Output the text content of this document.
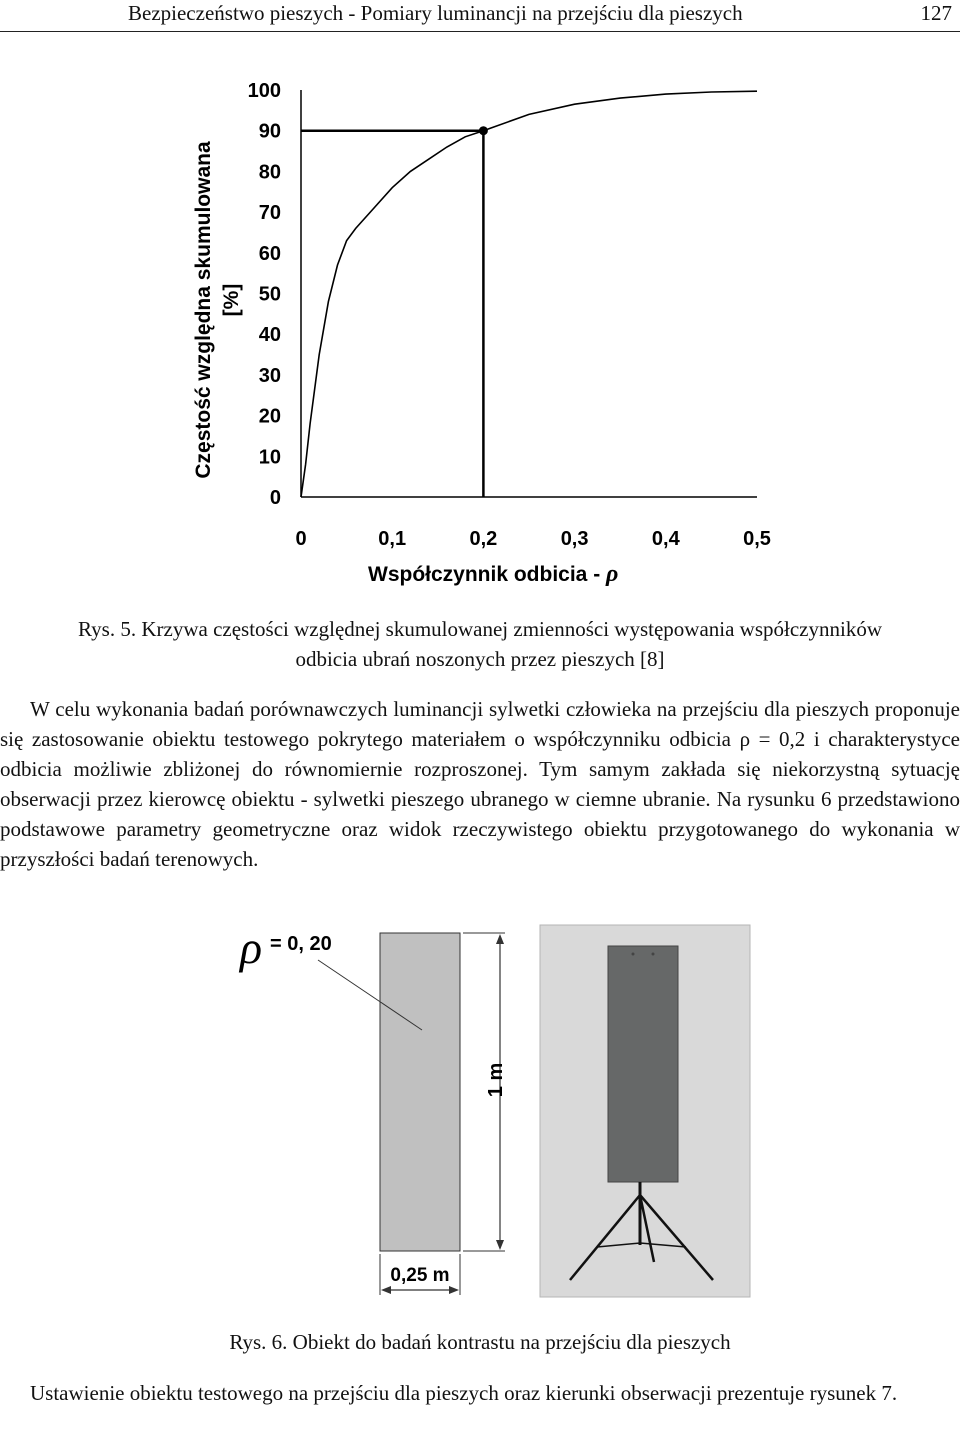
Bezpieczeństwo pieszych - Pomiary luminancji na przejściu dla pieszych	127
0
10
20
30
40
50
60
70
80
90
100
0	0,1	0,2	0,3	0,4	0,5
Częstość względna skumulowana [%]
Współczynnik odbicia - ρ
Rys. 5. Krzywa częstości względnej skumulowanej zmienności występowania współczynników
odbicia ubrań noszonych przez pieszych [8]

W celu wykonania badań porównawczych luminancji sylwetki człowieka na przejściu dla pieszych proponuje się zastosowanie obiektu testowego pokrytego materiałem o współczynniku odbicia ρ = 0,2 i charakterystyce odbicia możliwie zbliżonej do równomiernie rozproszonej. Tym samym zakłada się niekorzystną sytuację obserwacji przez kierowcę obiektu - sylwetki pieszego ubranego w ciemne ubranie. Na rysunku 6 przedstawiono podstawowe parametry geometryczne oraz widok rzeczywistego obiektu przygotowanego do wykonania w przyszłości badań terenowych.

ρ = 0, 20
1 m
0,25 m
Rys. 6. Obiekt do badań kontrastu na przejściu dla pieszych

Ustawienie obiektu testowego na przejściu dla pieszych oraz kierunki obserwacji prezentuje rysunek 7.
